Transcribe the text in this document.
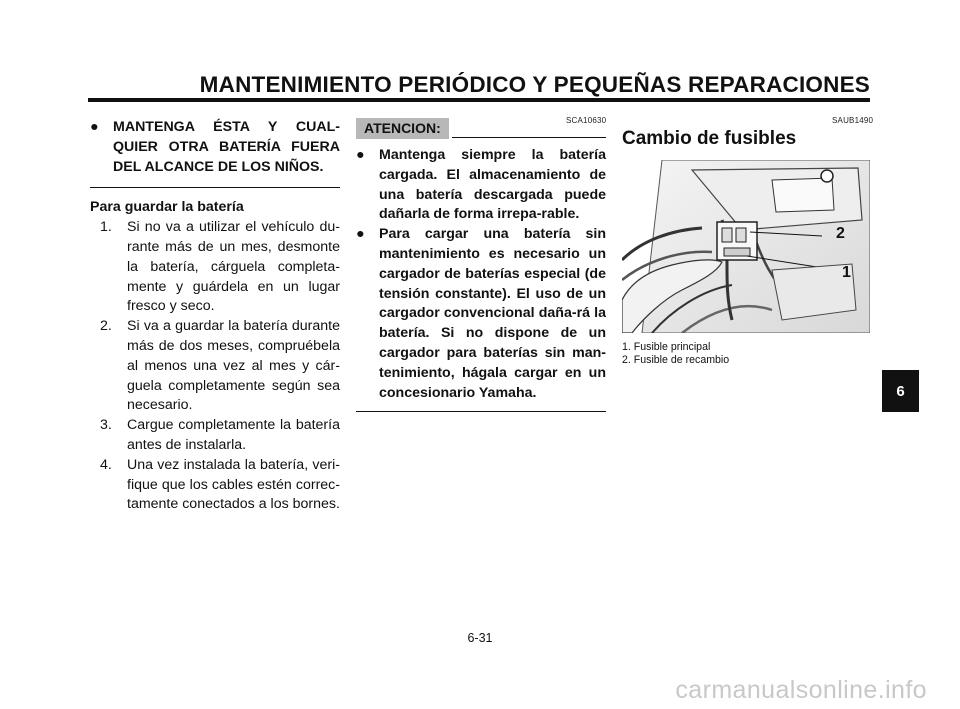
MANTENIMIENTO PERIÓDICO Y PEQUEÑAS REPARACIONES
● MANTENGA ÉSTA Y CUAL-
QUIER OTRA BATERÍA FUERA
DEL ALCANCE DE LOS NIÑOS.
Para guardar la batería
1. Si no va a utilizar el vehículo du-rante más de un mes, desmonte la batería, cárguela completa-mente y guárdela en un lugar fresco y seco.
2. Si va a guardar la batería durante más de dos meses, compruébela al menos una vez al mes y cár-guela completamente según sea necesario.
3. Cargue completamente la batería antes de instalarla.
4. Una vez instalada la batería, veri-fique que los cables estén correc-tamente conectados a los bornes.
SCA10630
ATENCION:
● Mantenga siempre la batería cargada. El almacenamiento de una batería descargada puede dañarla de forma irrepa-rable.
● Para cargar una batería sin mantenimiento es necesario un cargador de baterías especial (de tensión constante). El uso de un cargador convencional daña-rá la batería. Si no dispone de un cargador para baterías sin man-tenimiento, hágala cargar en un concesionario Yamaha.
SAUB1490
Cambio de fusibles
2
1
1. Fusible principal
2. Fusible de recambio
6
6-31
carmanualsonline.info
